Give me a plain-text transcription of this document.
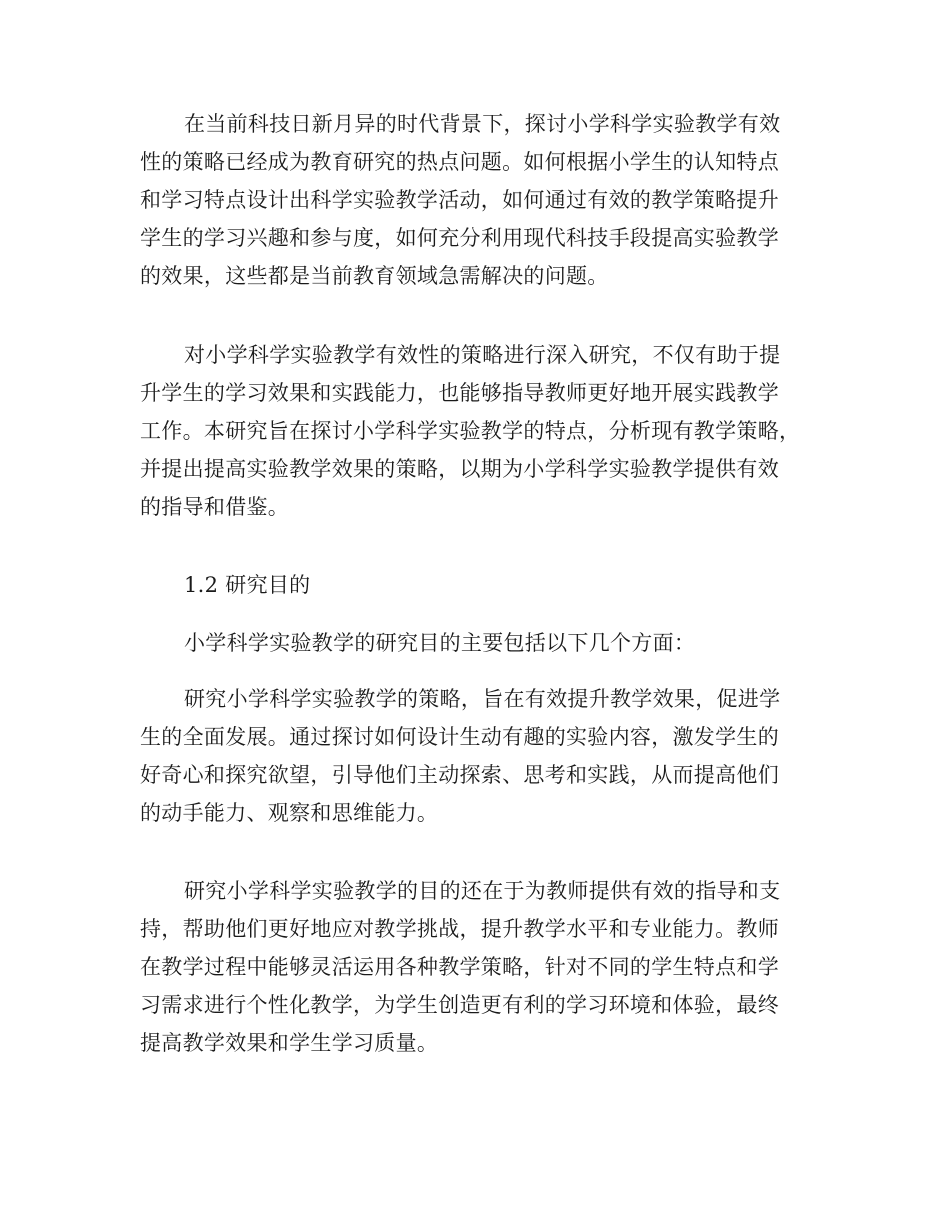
在当前科技日新月异的时代背景下，探讨小学科学实验教学有效
性的策略已经成为教育研究的热点问题。如何根据小学生的认知特点
和学习特点设计出科学实验教学活动，如何通过有效的教学策略提升
学生的学习兴趣和参与度，如何充分利用现代科技手段提高实验教学
的效果，这些都是当前教育领域急需解决的问题。
对小学科学实验教学有效性的策略进行深入研究，不仅有助于提
升学生的学习效果和实践能力，也能够指导教师更好地开展实践教学
工作。本研究旨在探讨小学科学实验教学的特点，分析现有教学策略，
并提出提高实验教学效果的策略，以期为小学科学实验教学提供有效
的指导和借鉴。
1.2 研究目的
小学科学实验教学的研究目的主要包括以下几个方面：
研究小学科学实验教学的策略，旨在有效提升教学效果，促进学
生的全面发展。通过探讨如何设计生动有趣的实验内容，激发学生的
好奇心和探究欲望，引导他们主动探索、思考和实践，从而提高他们
的动手能力、观察和思维能力。
研究小学科学实验教学的目的还在于为教师提供有效的指导和支
持，帮助他们更好地应对教学挑战，提升教学水平和专业能力。教师
在教学过程中能够灵活运用各种教学策略，针对不同的学生特点和学
习需求进行个性化教学，为学生创造更有利的学习环境和体验，最终
提高教学效果和学生学习质量。
